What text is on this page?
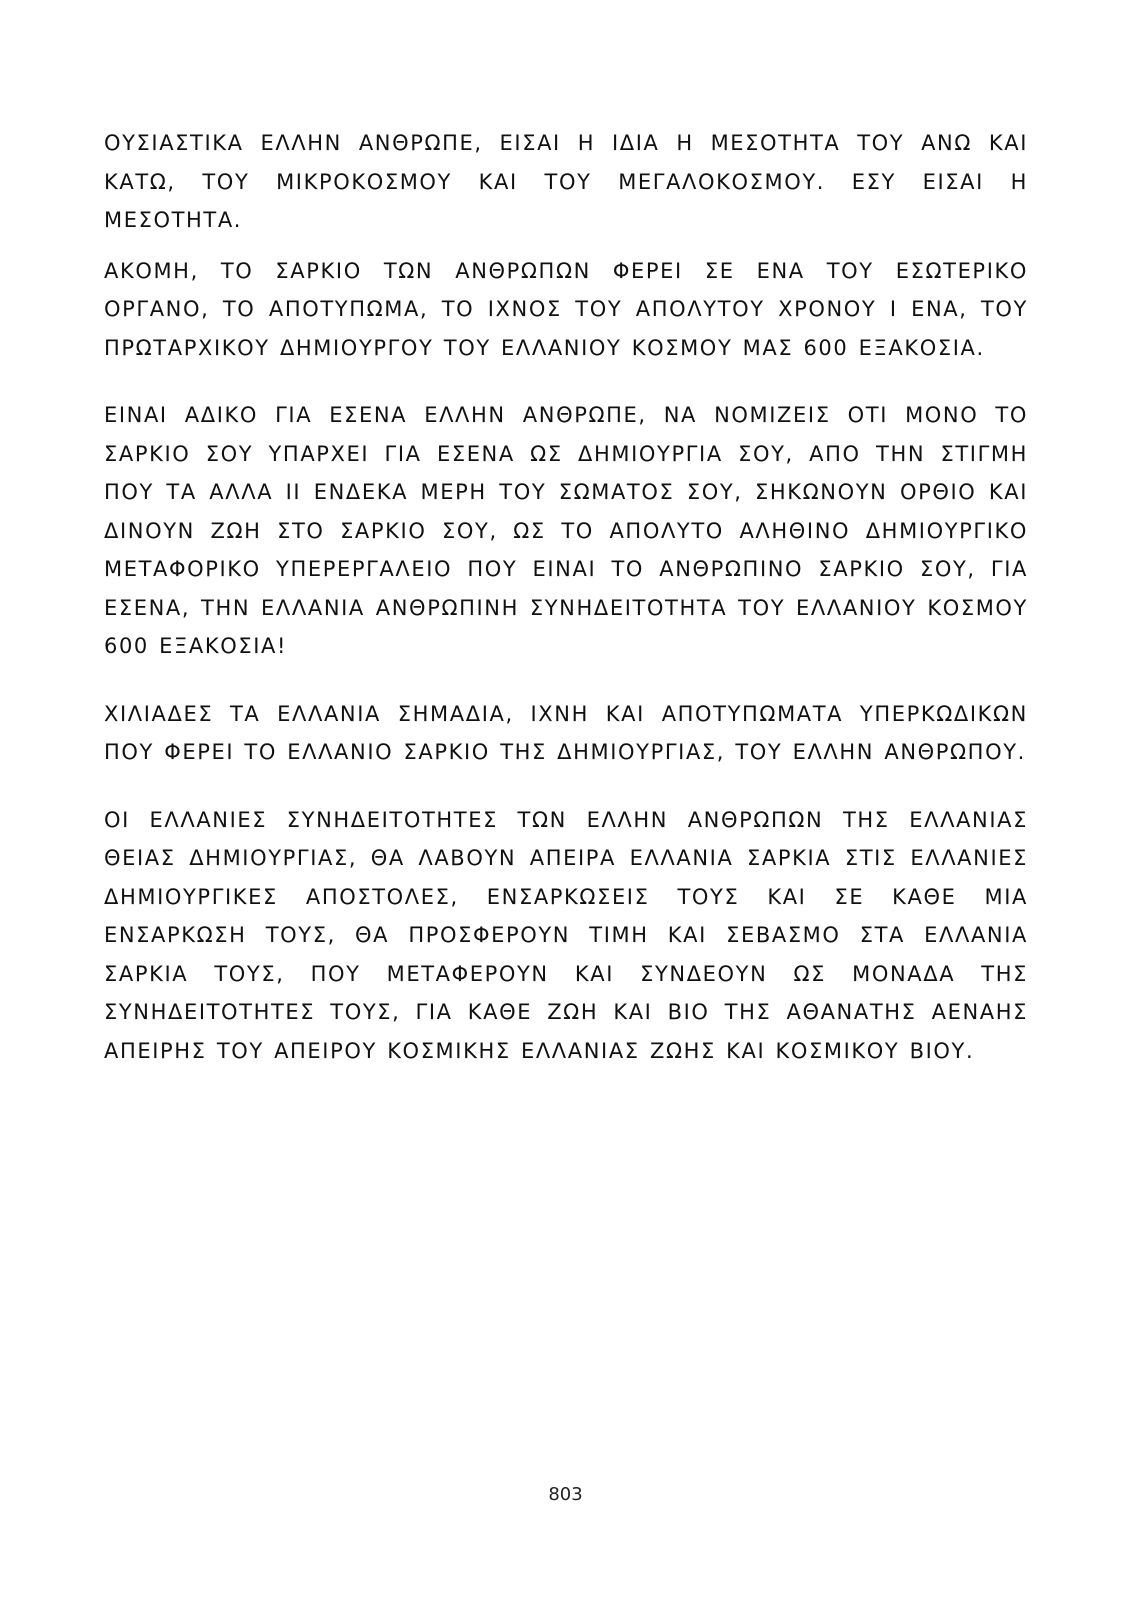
ΟΥΣΙΑΣΤΙΚΑ ΕΛΛΗΝ ΑΝΘΡΩΠΕ, ΕΙΣΑΙ Η ΙΔΙΑ Η ΜΕΣΟΤΗΤΑ ΤΟΥ ΑΝΩ ΚΑΙ ΚΑΤΩ, ΤΟΥ ΜΙΚΡΟΚΟΣΜΟΥ ΚΑΙ ΤΟΥ ΜΕΓΑΛΟΚΟΣΜΟΥ. ΕΣΥ ΕΙΣΑΙ Η ΜΕΣΟΤΗΤΑ.

ΑΚΟΜΗ, ΤΟ ΣΑΡΚΙΟ ΤΩΝ ΑΝΘΡΩΠΩΝ ΦΕΡΕΙ ΣΕ ΕΝΑ ΤΟΥ ΕΣΩΤΕΡΙΚΟ ΟΡΓΑΝΟ, ΤΟ ΑΠΟΤΥΠΩΜΑ, ΤΟ ΙΧΝΟΣ ΤΟΥ ΑΠΟΛΥΤΟΥ ΧΡΟΝΟΥ Ι ΕΝΑ, ΤΟΥ ΠΡΩΤΑΡΧΙΚΟΥ ΔΗΜΙΟΥΡΓΟΥ ΤΟΥ ΕΛΛΑΝΙΟΥ ΚΟΣΜΟΥ ΜΑΣ 600 ΕΞΑΚΟΣΙΑ.

ΕΙΝΑΙ ΑΔΙΚΟ ΓΙΑ ΕΣΕΝΑ ΕΛΛΗΝ ΑΝΘΡΩΠΕ, ΝΑ ΝΟΜΙΖΕΙΣ ΟΤΙ ΜΟΝΟ ΤΟ ΣΑΡΚΙΟ ΣΟΥ ΥΠΑΡΧΕΙ ΓΙΑ ΕΣΕΝΑ ΩΣ ΔΗΜΙΟΥΡΓΙΑ ΣΟΥ, ΑΠΟ ΤΗΝ ΣΤΙΓΜΗ ΠΟΥ ΤΑ ΑΛΛΑ ΙΙ ΕΝΔΕΚΑ ΜΕΡΗ ΤΟΥ ΣΩΜΑΤΟΣ ΣΟΥ, ΣΗΚΩΝΟΥΝ ΟΡΘΙΟ ΚΑΙ ΔΙΝΟΥΝ ΖΩΗ ΣΤΟ ΣΑΡΚΙΟ ΣΟΥ, ΩΣ ΤΟ ΑΠΟΛΥΤΟ ΑΛΗΘΙΝΟ ΔΗΜΙΟΥΡΓΙΚΟ ΜΕΤΑΦΟΡΙΚΟ ΥΠΕΡΕΡΓΑΛΕΙΟ ΠΟΥ ΕΙΝΑΙ ΤΟ ΑΝΘΡΩΠΙΝΟ ΣΑΡΚΙΟ ΣΟΥ, ΓΙΑ ΕΣΕΝΑ, ΤΗΝ ΕΛΛΑΝΙΑ ΑΝΘΡΩΠΙΝΗ ΣΥΝΗΔΕΙΤΟΤΗΤΑ ΤΟΥ ΕΛΛΑΝΙΟΥ ΚΟΣΜΟΥ 600 ΕΞΑΚΟΣΙΑ!

ΧΙΛΙΑΔΕΣ ΤΑ ΕΛΛΑΝΙΑ ΣΗΜΑΔΙΑ, ΙΧΝΗ ΚΑΙ ΑΠΟΤΥΠΩΜΑΤΑ ΥΠΕΡΚΩΔΙΚΩΝ ΠΟΥ ΦΕΡΕΙ ΤΟ ΕΛΛΑΝΙΟ ΣΑΡΚΙΟ ΤΗΣ ΔΗΜΙΟΥΡΓΙΑΣ, ΤΟΥ ΕΛΛΗΝ ΑΝΘΡΩΠΟΥ.

ΟΙ ΕΛΛΑΝΙΕΣ ΣΥΝΗΔΕΙΤΟΤΗΤΕΣ ΤΩΝ ΕΛΛΗΝ ΑΝΘΡΩΠΩΝ ΤΗΣ ΕΛΛΑΝΙΑΣ ΘΕΙΑΣ ΔΗΜΙΟΥΡΓΙΑΣ, ΘΑ ΛΑΒΟΥΝ ΑΠΕΙΡΑ ΕΛΛΑΝΙΑ ΣΑΡΚΙΑ ΣΤΙΣ ΕΛΛΑΝΙΕΣ ΔΗΜΙΟΥΡΓΙΚΕΣ ΑΠΟΣΤΟΛΕΣ, ΕΝΣΑΡΚΩΣΕΙΣ ΤΟΥΣ ΚΑΙ ΣΕ ΚΑΘΕ ΜΙΑ ΕΝΣΑΡΚΩΣΗ ΤΟΥΣ, ΘΑ ΠΡΟΣΦΕΡΟΥΝ ΤΙΜΗ ΚΑΙ ΣΕΒΑΣΜΟ ΣΤΑ ΕΛΛΑΝΙΑ ΣΑΡΚΙΑ ΤΟΥΣ, ΠΟΥ ΜΕΤΑΦΕΡΟΥΝ ΚΑΙ ΣΥΝΔΕΟΥΝ ΩΣ ΜΟΝΑΔΑ ΤΗΣ ΣΥΝΗΔΕΙΤΟΤΗΤΕΣ ΤΟΥΣ, ΓΙΑ ΚΑΘΕ ΖΩΗ ΚΑΙ ΒΙΟ ΤΗΣ ΑΘΑΝΑΤΗΣ ΑΕΝΑΗΣ ΑΠΕΙΡΗΣ ΤΟΥ ΑΠΕΙΡΟΥ ΚΟΣΜΙΚΗΣ ΕΛΛΑΝΙΑΣ ΖΩΗΣ ΚΑΙ ΚΟΣΜΙΚΟΥ ΒΙΟΥ.

803
